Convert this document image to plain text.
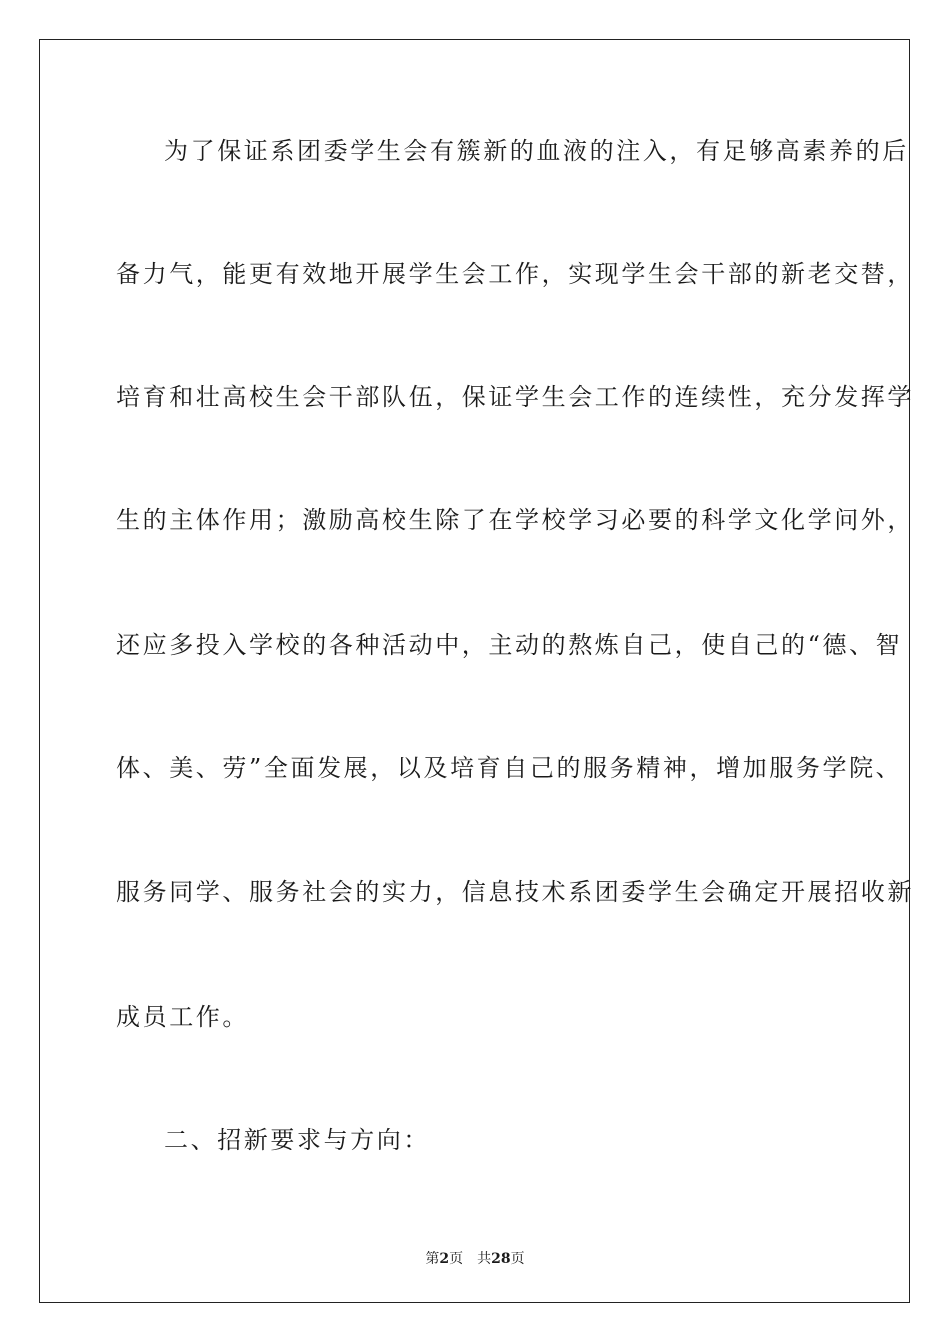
为了保证系团委学生会有簇新的血液的注入，有足够高素养的后
备力气，能更有效地开展学生会工作，实现学生会干部的新老交替，
培育和壮高校生会干部队伍，保证学生会工作的连续性，充分发挥学
生的主体作用；激励高校生除了在学校学习必要的科学文化学问外，
还应多投入学校的各种活动中，主动的熬炼自己，使自己的“德、智
体、美、劳”全面发展，以及培育自己的服务精神，增加服务学院、
服务同学、服务社会的实力，信息技术系团委学生会确定开展招收新
成员工作。
二、招新要求与方向：
第2页 共28页
